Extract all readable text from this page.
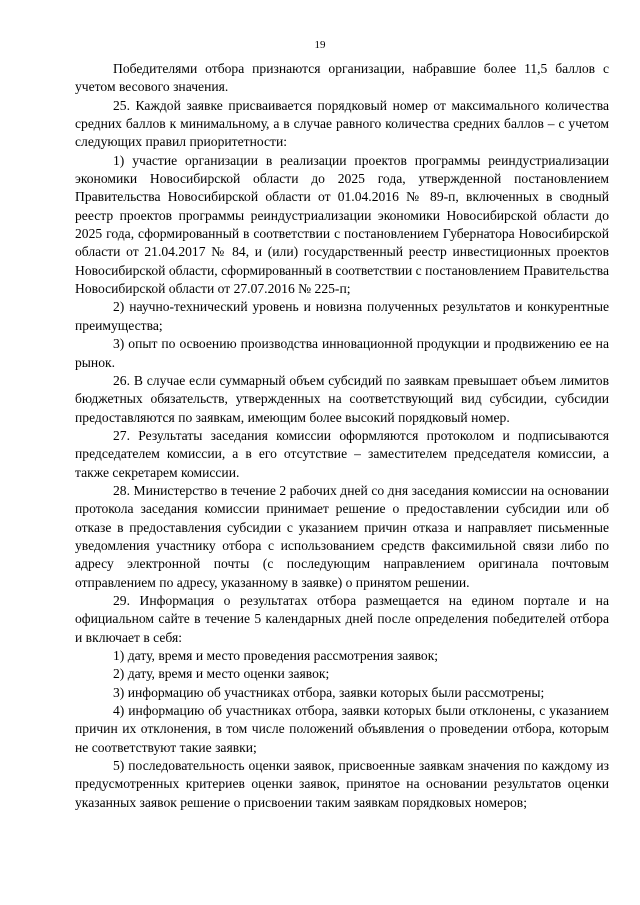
19

Победителями отбора признаются организации, набравшие более 11,5 баллов с учетом весового значения.

25. Каждой заявке присваивается порядковый номер от максимального количества средних баллов к минимальному, а в случае равного количества средних баллов – с учетом следующих правил приоритетности:

1) участие организации в реализации проектов программы реиндустриализации экономики Новосибирской области до 2025 года, утвержденной постановлением Правительства Новосибирской области от 01.04.2016 № 89-п, включенных в сводный реестр проектов программы реиндустриализации экономики Новосибирской области до 2025 года, сформированный в соответствии с постановлением Губернатора Новосибирской области от 21.04.2017 № 84, и (или) государственный реестр инвестиционных проектов Новосибирской области, сформированный в соответствии с постановлением Правительства Новосибирской области от 27.07.2016 № 225-п;

2) научно-технический уровень и новизна полученных результатов и конкурентные преимущества;

3) опыт по освоению производства инновационной продукции и продвижению ее на рынок.

26. В случае если суммарный объем субсидий по заявкам превышает объем лимитов бюджетных обязательств, утвержденных на соответствующий вид субсидии, субсидии предоставляются по заявкам, имеющим более высокий порядковый номер.

27. Результаты заседания комиссии оформляются протоколом и подписываются председателем комиссии, а в его отсутствие – заместителем председателя комиссии, а также секретарем комиссии.

28. Министерство в течение 2 рабочих дней со дня заседания комиссии на основании протокола заседания комиссии принимает решение о предоставлении субсидии или об отказе в предоставления субсидии с указанием причин отказа и направляет письменные уведомления участнику отбора с использованием средств факсимильной связи либо по адресу электронной почты (с последующим направлением оригинала почтовым отправлением по адресу, указанному в заявке) о принятом решении.

29. Информация о результатах отбора размещается на едином портале и на официальном сайте в течение 5 календарных дней после определения победителей отбора и включает в себя:

1) дату, время и место проведения рассмотрения заявок;

2) дату, время и место оценки заявок;

3) информацию об участниках отбора, заявки которых были рассмотрены;

4) информацию об участниках отбора, заявки которых были отклонены, с указанием причин их отклонения, в том числе положений объявления о проведении отбора, которым не соответствуют такие заявки;

5) последовательность оценки заявок, присвоенные заявкам значения по каждому из предусмотренных критериев оценки заявок, принятое на основании результатов оценки указанных заявок решение о присвоении таким заявкам порядковых номеров;
